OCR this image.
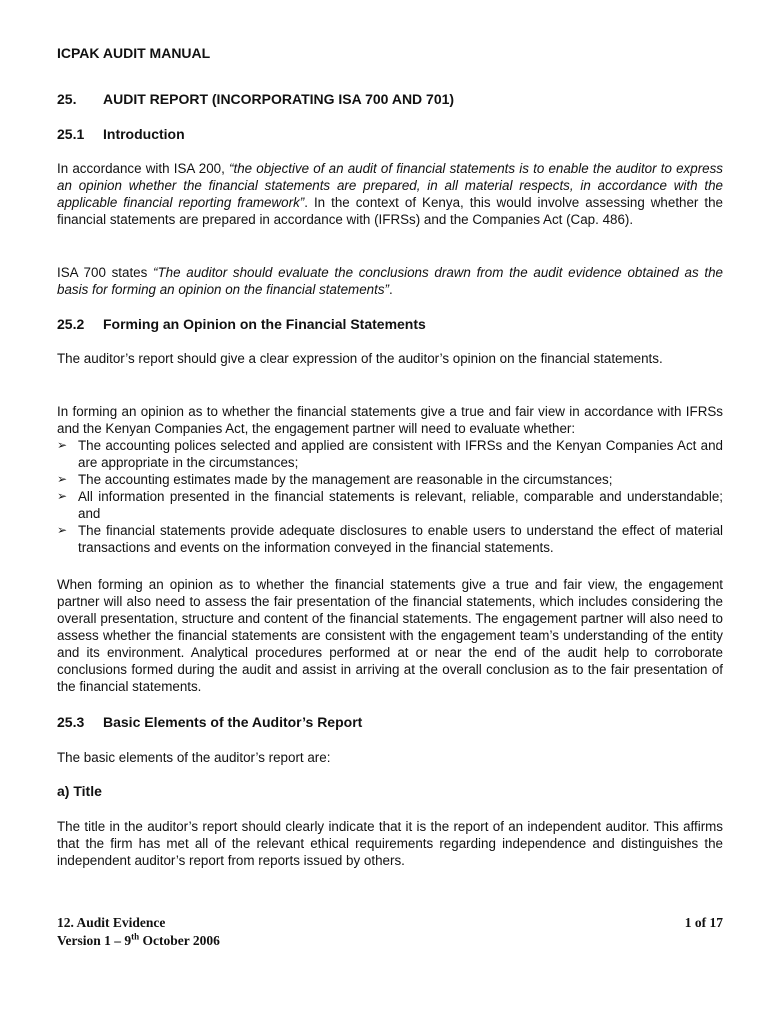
ICPAK AUDIT MANUAL
25. AUDIT REPORT (INCORPORATING ISA 700 AND 701)
25.1 Introduction

In accordance with ISA 200, “the objective of an audit of financial statements is to enable the auditor to express an opinion whether the financial statements are prepared, in all material respects, in accordance with the applicable financial reporting framework”. In the context of Kenya, this would involve assessing whether the financial statements are prepared in accordance with (IFRSs) and the Companies Act (Cap. 486).

ISA 700 states “The auditor should evaluate the conclusions drawn from the audit evidence obtained as the basis for forming an opinion on the financial statements”.

25.2 Forming an Opinion on the Financial Statements

The auditor’s report should give a clear expression of the auditor’s opinion on the financial statements.

In forming an opinion as to whether the financial statements give a true and fair view in accordance with IFRSs and the Kenyan Companies Act, the engagement partner will need to evaluate whether:

➢ The accounting polices selected and applied are consistent with IFRSs and the Kenyan Companies Act and are appropriate in the circumstances;
➢ The accounting estimates made by the management are reasonable in the circumstances;
➢ All information presented in the financial statements is relevant, reliable, comparable and understandable; and
➢ The financial statements provide adequate disclosures to enable users to understand the effect of material transactions and events on the information conveyed in the financial statements.

When forming an opinion as to whether the financial statements give a true and fair view, the engagement partner will also need to assess the fair presentation of the financial statements, which includes considering the overall presentation, structure and content of the financial statements. The engagement partner will also need to assess whether the financial statements are consistent with the engagement team’s understanding of the entity and its environment. Analytical procedures performed at or near the end of the audit help to corroborate conclusions formed during the audit and assist in arriving at the overall conclusion as to the fair presentation of the financial statements.

25.3 Basic Elements of the Auditor’s Report

The basic elements of the auditor’s report are:

a) Title

The title in the auditor’s report should clearly indicate that it is the report of an independent auditor. This affirms that the firm has met all of the relevant ethical requirements regarding independence and distinguishes the independent auditor’s report from reports issued by others.

12. Audit Evidence	1 of 17
Version 1 – 9th October 2006
